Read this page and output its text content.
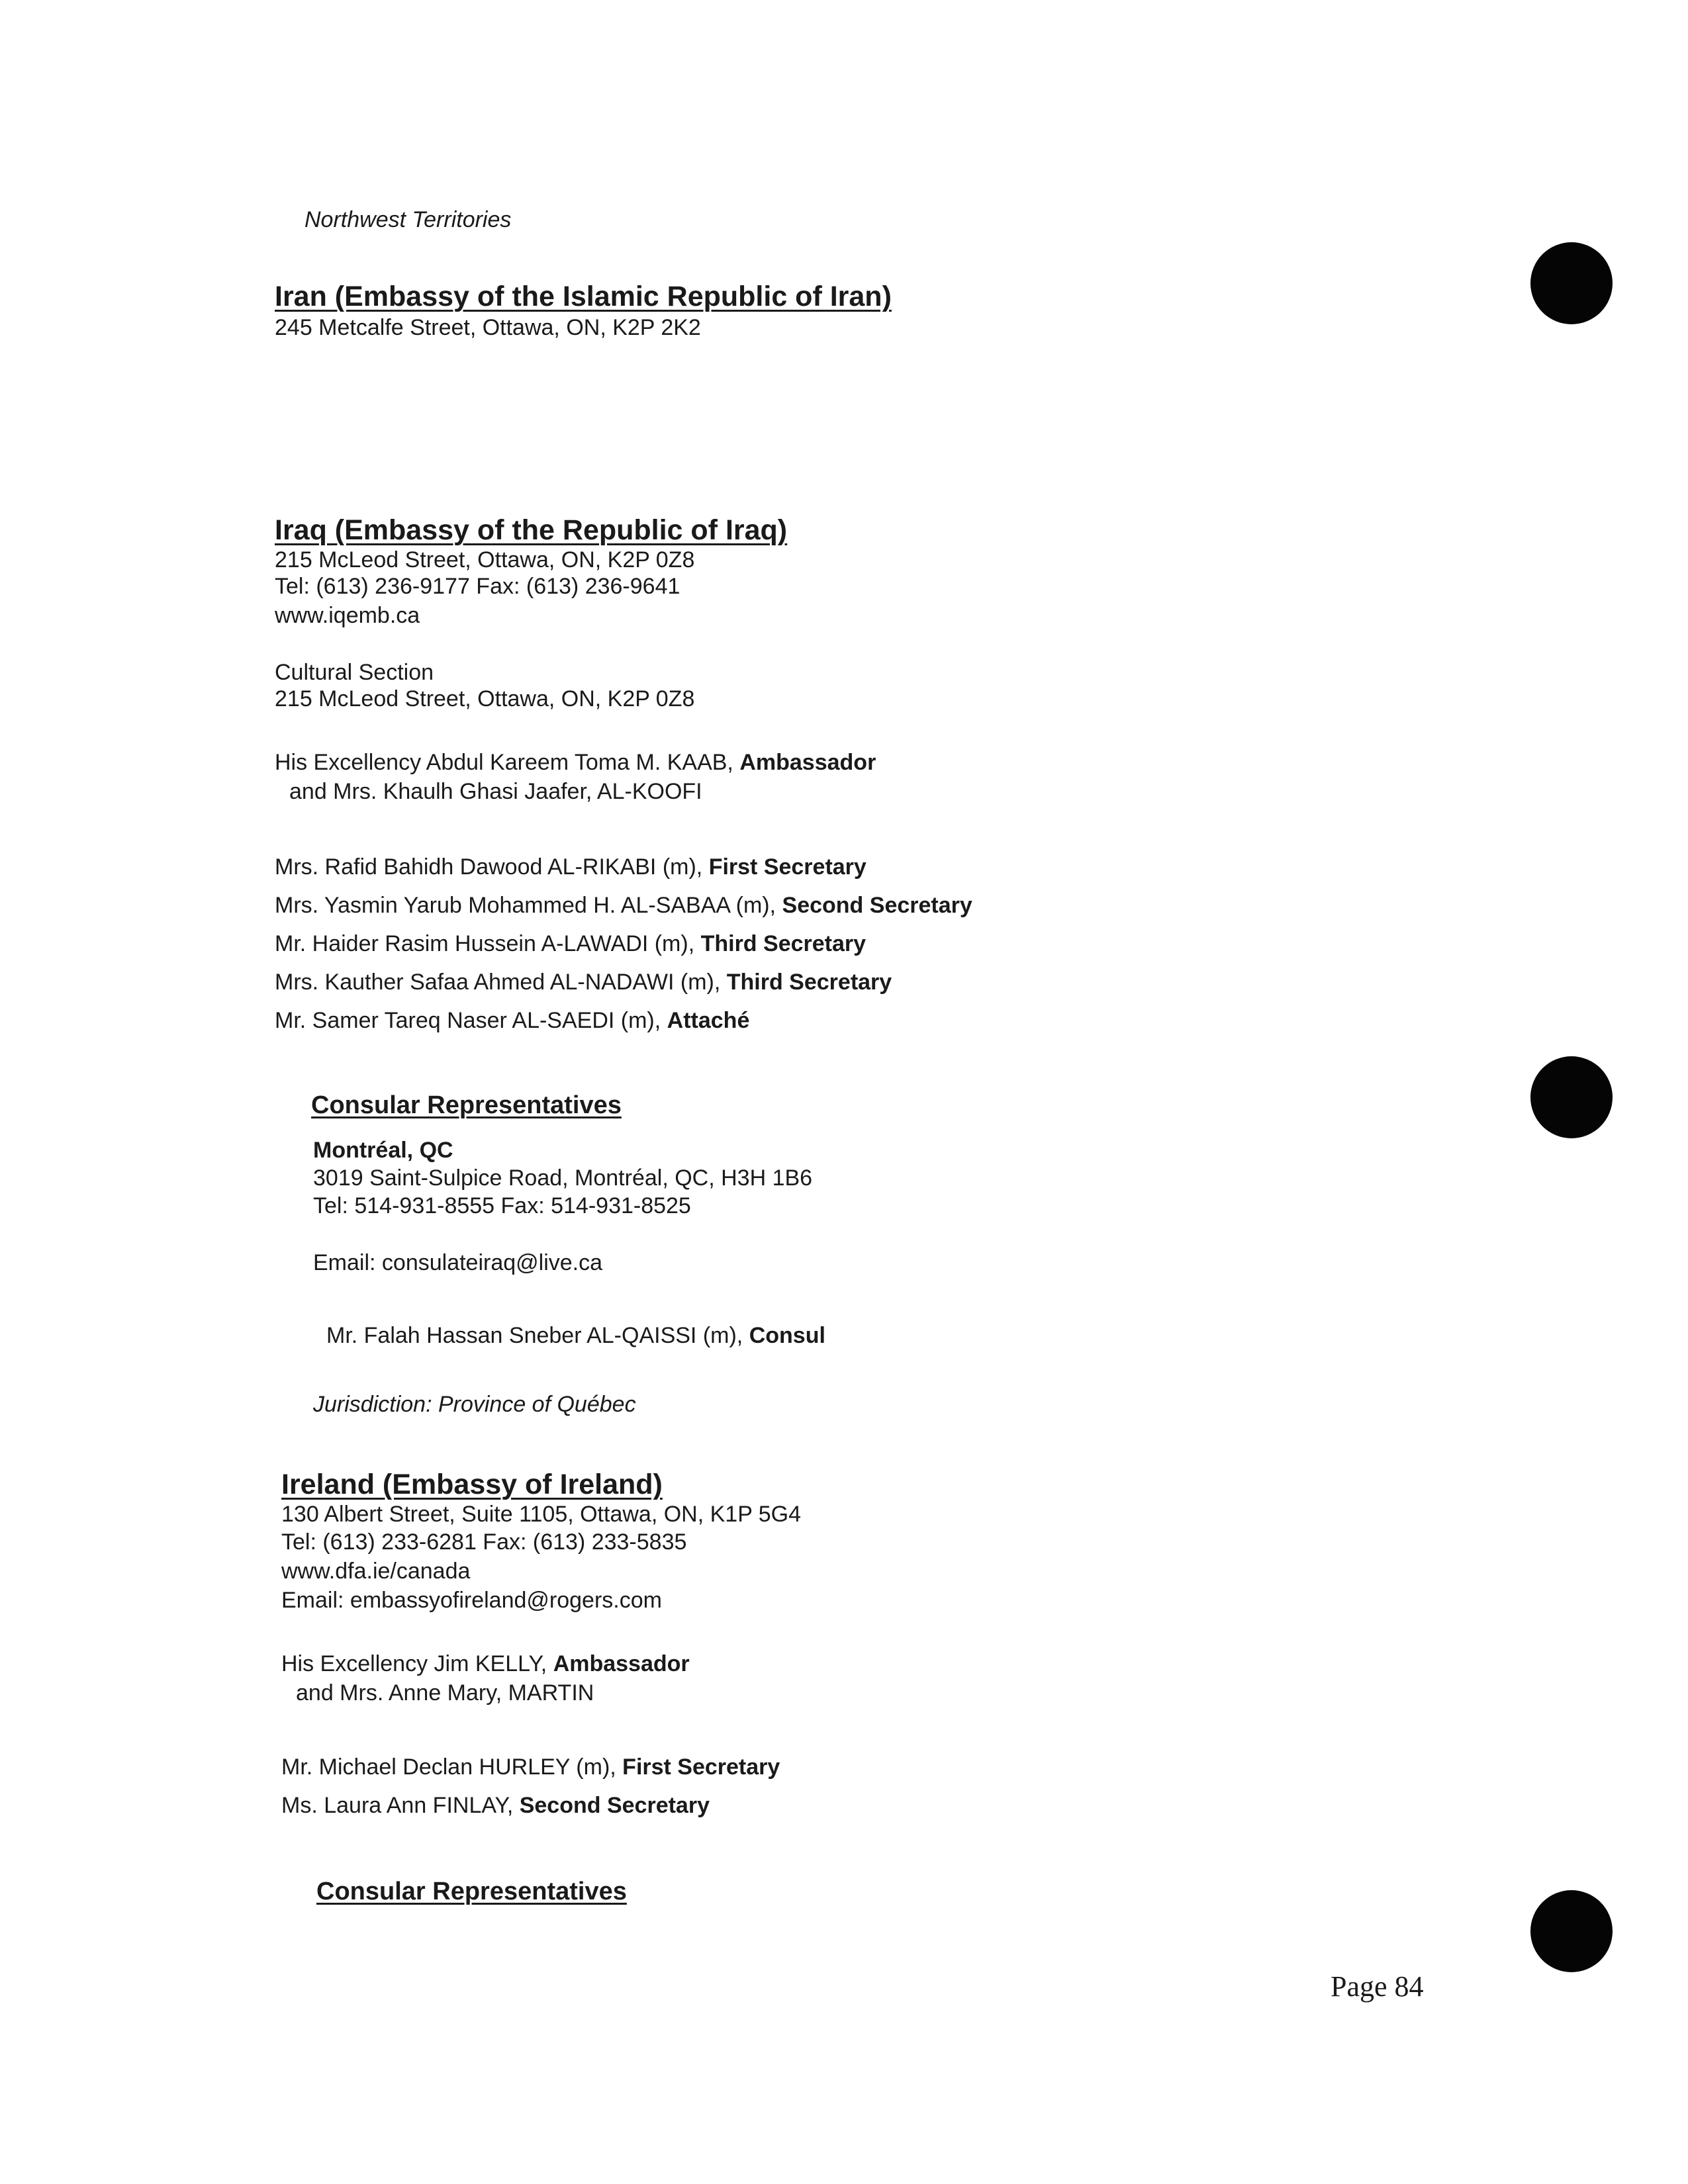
Northwest Territories
Iran (Embassy of the Islamic Republic of Iran)
245 Metcalfe Street, Ottawa, ON, K2P 2K2
Iraq (Embassy of the Republic of Iraq)
215 McLeod Street, Ottawa, ON, K2P 0Z8
Tel: (613) 236-9177 Fax: (613) 236-9641
www.iqemb.ca
Cultural Section
215 McLeod Street, Ottawa, ON, K2P 0Z8
His Excellency Abdul Kareem Toma M. KAAB, Ambassador
and Mrs. Khaulh Ghasi Jaafer, AL-KOOFI
Mrs. Rafid Bahidh Dawood AL-RIKABI (m), First Secretary
Mrs. Yasmin Yarub Mohammed H. AL-SABAA (m), Second Secretary
Mr. Haider Rasim Hussein A-LAWADI (m), Third Secretary
Mrs. Kauther Safaa Ahmed AL-NADAWI (m), Third Secretary
Mr. Samer Tareq Naser AL-SAEDI (m), Attaché
Consular Representatives
Montréal, QC
3019 Saint-Sulpice Road, Montréal, QC, H3H 1B6
Tel: 514-931-8555 Fax: 514-931-8525
Email: consulateiraq@live.ca
Mr. Falah Hassan Sneber AL-QAISSI (m), Consul
Jurisdiction: Province of Québec
Ireland (Embassy of Ireland)
130 Albert Street, Suite 1105, Ottawa, ON, K1P 5G4
Tel: (613) 233-6281 Fax: (613) 233-5835
www.dfa.ie/canada
Email: embassyofireland@rogers.com
His Excellency Jim KELLY, Ambassador
and Mrs. Anne Mary, MARTIN
Mr. Michael Declan HURLEY (m), First Secretary
Ms. Laura Ann FINLAY, Second Secretary
Consular Representatives
Page 84
